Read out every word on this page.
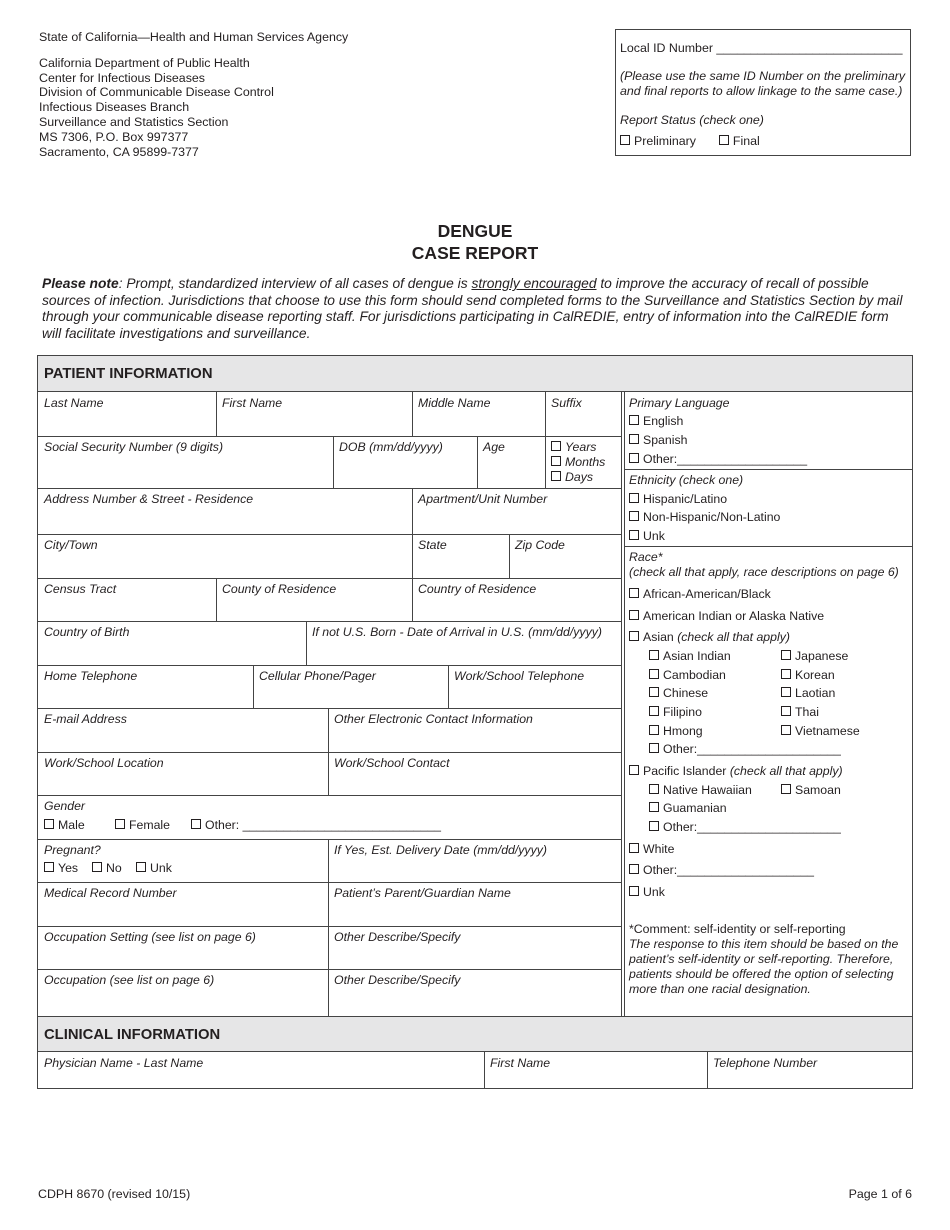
State of California—Health and Human Services Agency
California Department of Public Health
Center for Infectious Diseases
Division of Communicable Disease Control
Infectious Diseases Branch
Surveillance and Statistics Section
MS 7306, P.O. Box 997377
Sacramento, CA 95899-7377
Local ID Number ___________________________
(Please use the same ID Number on the preliminary
and final reports to allow linkage to the same case.)
Report Status (check one)
Preliminary	Final
DENGUE
CASE REPORT
Please note: Prompt, standardized interview of all cases of dengue is strongly encouraged to improve the accuracy of recall of possible sources of infection. Jurisdictions that choose to use this form should send completed forms to the Surveillance and Statistics Section by mail through your communicable disease reporting staff. For jurisdictions participating in CalREDIE, entry of information into the CalREDIE form will facilitate investigations and surveillance.
PATIENT INFORMATION
Last Name	First Name	Middle Name	Suffix
Social Security Number (9 digits)	DOB (mm/dd/yyyy)	Age	Years
Months
Days
Address Number & Street - Residence	Apartment/Unit Number
City/Town	State	Zip Code
Census Tract	County of Residence	Country of Residence
Country of Birth	If not U.S. Born - Date of Arrival in U.S. (mm/dd/yyyy)
Home Telephone	Cellular Phone/Pager	Work/School Telephone
E-mail Address	Other Electronic Contact Information
Work/School Location	Work/School Contact
Gender
Male	Female	Other: _____________________________
Pregnant?
Yes	No	Unk
If Yes, Est. Delivery Date (mm/dd/yyyy)
Medical Record Number	Patient’s Parent/Guardian Name
Occupation Setting (see list on page 6)	Other Describe/Specify
Occupation (see list on page 6)	Other Describe/Specify
Primary Language
English
Spanish
Other:___________________
Ethnicity (check one)
Hispanic/Latino
Non-Hispanic/Non-Latino
Unk
Race*
(check all that apply, race descriptions on page 6)
African-American/Black
American Indian or Alaska Native
Asian (check all that apply)
Asian Indian
Cambodian
Chinese
Filipino
Hmong
Other:_____________________
Japanese
Korean
Laotian
Thai
Vietnamese
Pacific Islander (check all that apply)
Native Hawaiian
Guamanian
Other:_____________________
Samoan
White
Other:____________________
Unk
*Comment: self-identity or self-reporting
The response to this item should be based on the
patient’s self-identity or self-reporting. Therefore,
patients should be offered the option of selecting
more than one racial designation.
CLINICAL INFORMATION
Physician Name - Last Name	First Name	Telephone Number
CDPH 8670 (revised 10/15)	Page 1 of 6
